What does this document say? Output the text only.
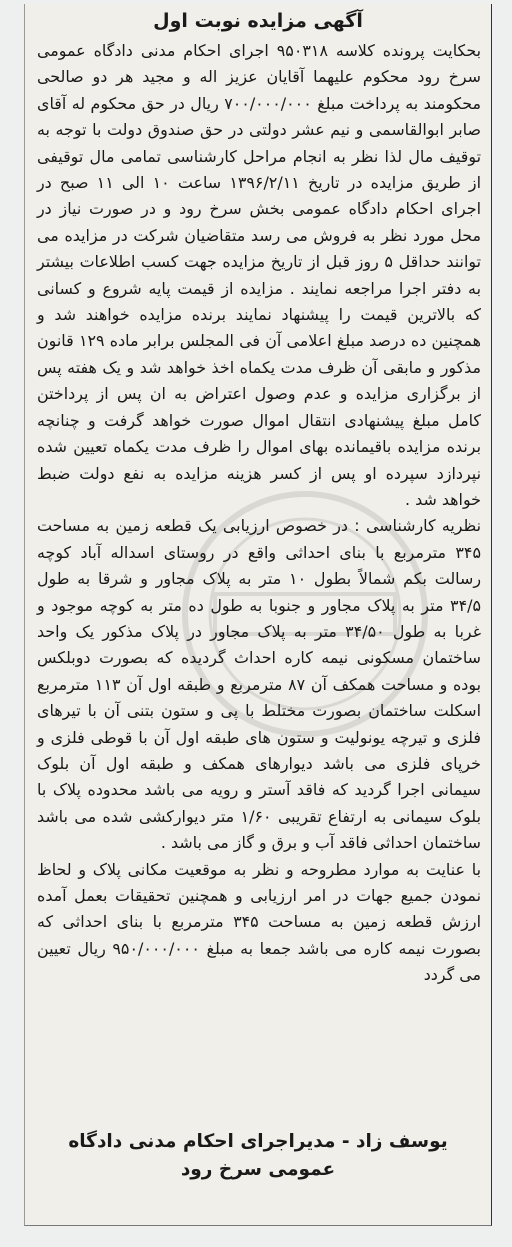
آگهی مزایده نوبت اول

بحکایت پرونده کلاسه ۹۵۰۳۱۸ اجرای احکام مدنی دادگاه عمومی سرخ رود محکوم علیهما آقایان عزیز اله و مجید هر دو صالحی محکومند به پرداخت مبلغ ۷۰۰/۰۰۰/۰۰۰ ریال در حق محکوم له آقای صابر ابوالقاسمی و نیم عشر دولتی در حق صندوق دولت با توجه به توقیف مال لذا نظر به انجام مراحل کارشناسی تمامی مال توقیفی از طریق مزایده در تاریخ ۱۳۹۶/۲/۱۱ ساعت ۱۰ الی ۱۱ صبح در اجرای احکام دادگاه عمومی بخش سرخ رود و در صورت نیاز در محل مورد نظر به فروش می رسد متقاضیان شرکت در مزایده می توانند حداقل ۵ روز قبل از تاریخ مزایده جهت کسب اطلاعات بیشتر به دفتر اجرا مراجعه نمایند . مزایده از قیمت پایه شروع و کسانی که بالاترین قیمت را پیشنهاد نمایند برنده مزایده خواهند شد و همچنین ده درصد مبلغ اعلامی آن فی المجلس برابر ماده ۱۲۹ قانون مذکور و مابقی آن ظرف مدت یکماه اخذ خواهد شد و یک هفته پس از برگزاری مزایده و عدم وصول اعتراض به ان پس از پرداختن کامل مبلغ پیشنهادی انتقال اموال صورت خواهد گرفت و چنانچه برنده مزایده باقیمانده بهای اموال را ظرف مدت یکماه تعیین شده نپردازد سپرده او پس از کسر هزینه مزایده به نفع دولت ضبط خواهد شد .

نظریه کارشناسی : در خصوص ارزیابی یک قطعه زمین به مساحت ۳۴۵ مترمربع با بنای احداثی واقع در روستای اسداله آباد کوچه رسالت بکم شمالاً بطول ۱۰ متر به پلاک مجاور و شرقا به طول ۳۴/۵ متر به پلاک مجاور و جنوبا به طول ده متر به کوچه موجود و غربا به طول ۳۴/۵۰ متر به پلاک مجاور در پلاک مذکور یک واحد ساختمان مسکونی نیمه کاره احداث گردیده که بصورت دوبلکس بوده و مساحت همکف آن ۸۷ مترمربع و طبقه اول آن ۱۱۳ مترمربع اسکلت ساختمان بصورت مختلط با پی و ستون بتنی آن با تیرهای فلزی و تیرچه یونولیت و ستون های طبقه اول آن با قوطی فلزی و خرپای فلزی می باشد دیوارهای همکف و طبقه اول آن بلوک سیمانی اجرا گردید که فاقد آستر و رویه می باشد محدوده پلاک با بلوک سیمانی به ارتفاع تقریبی ۱/۶۰ متر دیوارکشی شده می باشد ساختمان احداثی فاقد آب و برق و گاز می باشد .

با عنایت به موارد مطروحه و نظر به موقعیت مکانی پلاک و لحاظ نمودن جمیع جهات در امر ارزیابی و همچنین تحقیقات بعمل آمده ارزش قطعه زمین به مساحت ۳۴۵ مترمربع با بنای احداثی که بصورت نیمه کاره می باشد جمعا به مبلغ ۹۵۰/۰۰۰/۰۰۰ ریال تعیین می گردد

یوسف زاد - مدیراجرای احکام مدنی دادگاه
عمومی سرخ رود
